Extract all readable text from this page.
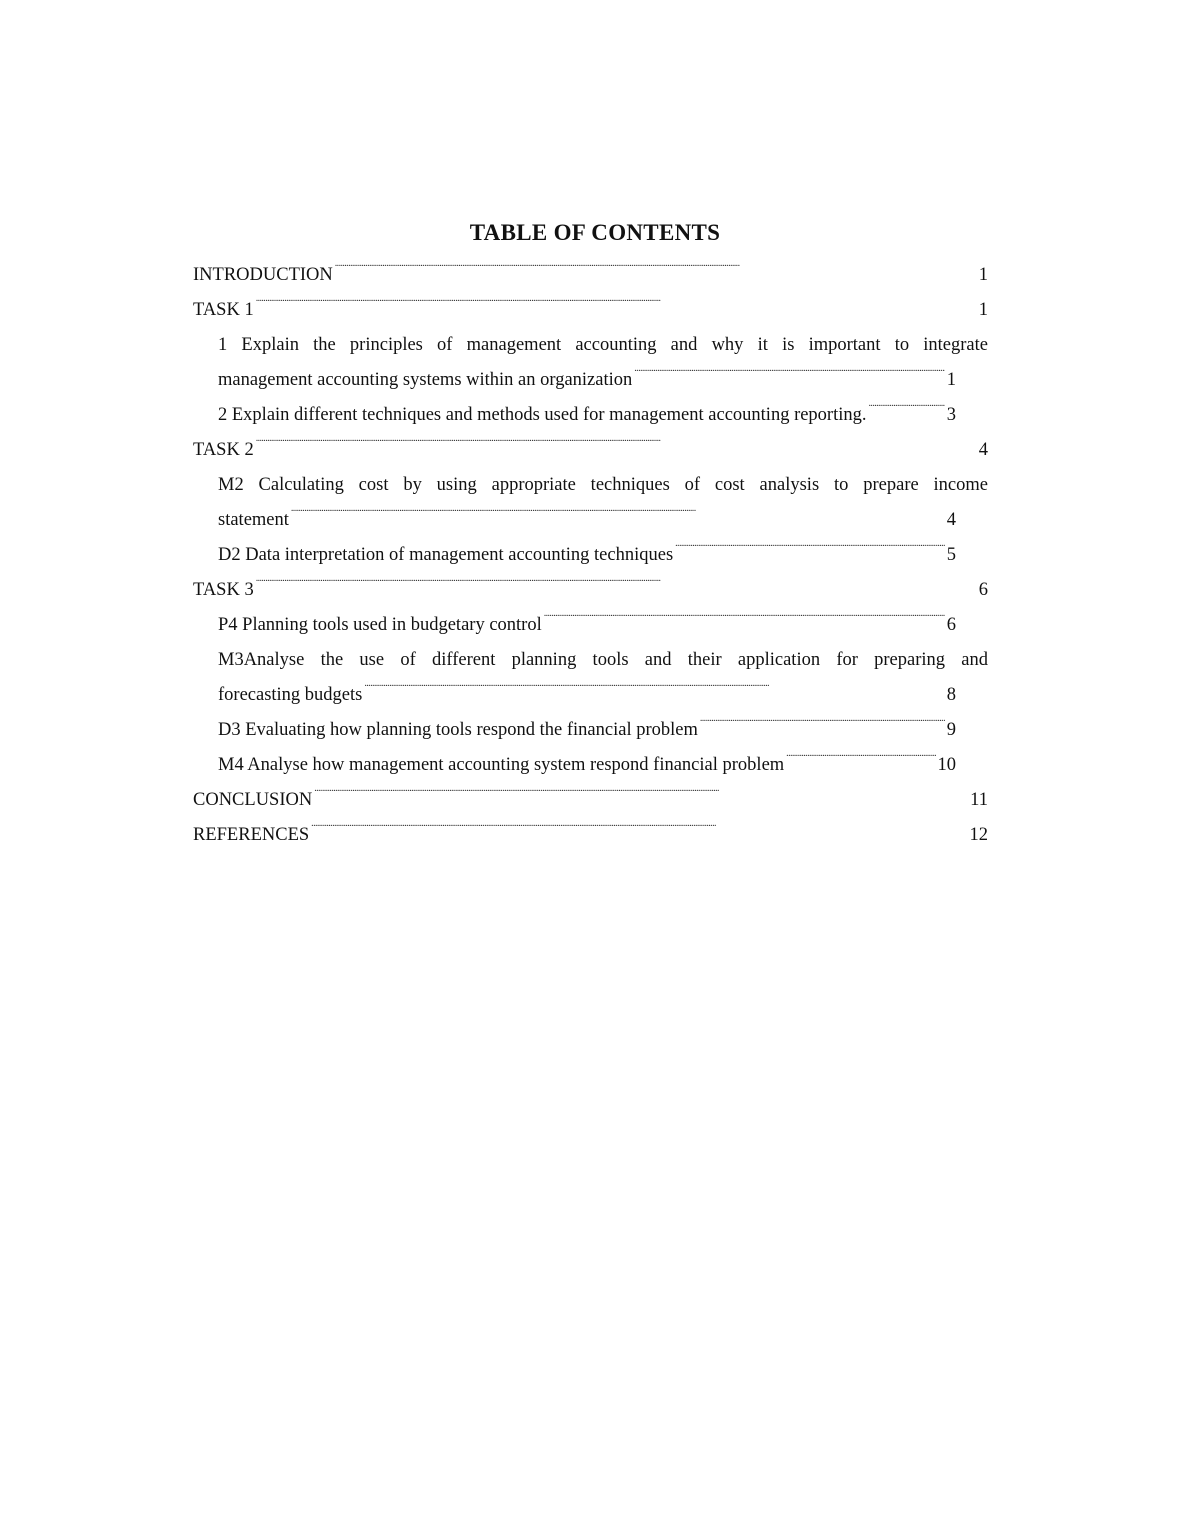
TABLE OF CONTENTS
INTRODUCTION . . .	1
TASK 1 . . .	1
1 Explain the principles of management accounting and why it is important to integrate
management accounting systems within an organization . . .	1
2 Explain different techniques and methods used for management accounting reporting. . . .	3
TASK 2 . . .	4
M2 Calculating cost by using appropriate techniques of cost analysis to prepare income
statement . . .	4
D2 Data interpretation of management accounting techniques . . .	5
TASK 3 . . .	6
P4 Planning tools used in budgetary control . . .	6
M3Analyse the use of different planning tools and their application for preparing and
forecasting budgets . . .	8
D3 Evaluating how planning tools respond the financial problem . . .	9
M4 Analyse how management accounting system respond financial problem . . .	10
CONCLUSION . . .	11
REFERENCES . . .	12
